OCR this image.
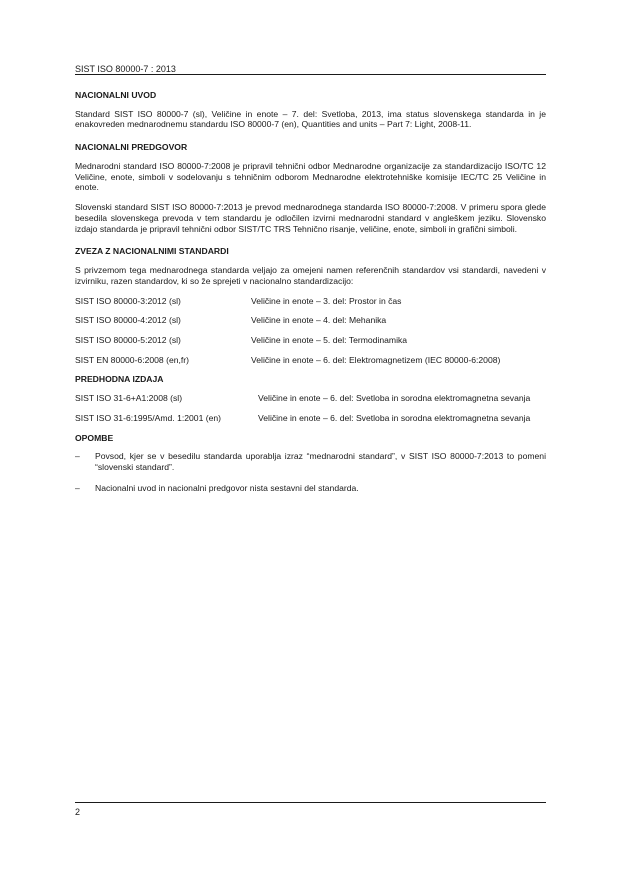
SIST ISO 80000-7 : 2013
NACIONALNI UVOD

Standard SIST ISO 80000-7 (sl), Veličine in enote – 7. del: Svetloba, 2013, ima status slovenskega standarda in je enakovreden mednarodnemu standardu ISO 80000-7 (en), Quantities and units – Part 7: Light, 2008-11.

NACIONALNI PREDGOVOR

Mednarodni standard ISO 80000-7:2008 je pripravil tehnični odbor Mednarodne organizacije za standardizacijo ISO/TC 12 Veličine, enote, simboli v sodelovanju s tehničnim odborom Mednarodne elektrotehniške komisije IEC/TC 25 Veličine in enote.

Slovenski standard SIST ISO 80000-7:2013 je prevod mednarodnega standarda ISO 80000-7:2008. V primeru spora glede besedila slovenskega prevoda v tem standardu je odločilen izvirni mednarodni standard v angleškem jeziku. Slovensko izdajo standarda je pripravil tehnični odbor SIST/TC TRS Tehnično risanje, veličine, enote, simboli in grafični simboli.

ZVEZA Z NACIONALNIMI STANDARDI

S privzemom tega mednarodnega standarda veljajo za omejeni namen referenčnih standardov vsi standardi, navedeni v izvirniku, razen standardov, ki so že sprejeti v nacionalno standardizacijo:

SIST ISO 80000-3:2012 (sl)	Veličine in enote – 3. del: Prostor in čas
SIST ISO 80000-4:2012 (sl)	Veličine in enote – 4. del: Mehanika
SIST ISO 80000-5:2012 (sl)	Veličine in enote – 5. del: Termodinamika
SIST EN 80000-6:2008 (en,fr)	Veličine in enote – 6. del: Elektromagnetizem (IEC 80000-6:2008)
PREDHODNA IZDAJA
SIST ISO 31-6+A1:2008 (sl)	Veličine in enote – 6. del: Svetloba in sorodna elektromagnetna sevanja
SIST ISO 31-6:1995/Amd. 1:2001 (en)	Veličine in enote – 6. del: Svetloba in sorodna elektromagnetna sevanja
OPOMBE
–	Povsod, kjer se v besedilu standarda uporablja izraz “mednarodni standard”, v SIST ISO 80000-7:2013 to pomeni “slovenski standard”.
–	Nacionalni uvod in nacionalni predgovor nista sestavni del standarda.
2
